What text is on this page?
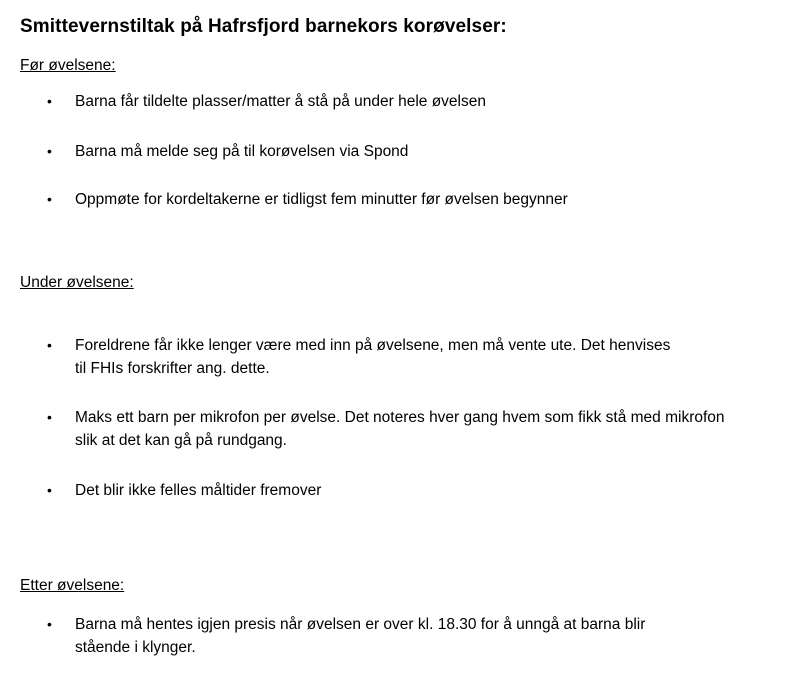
Smittevernstiltak på Hafrsfjord barnekors korøvelser:
Før øvelsene:
•	Barna får tildelte plasser/matter å stå på under hele øvelsen
•	Barna må melde seg på til korøvelsen via Spond
•	Oppmøte for kordeltakerne er tidligst fem minutter før øvelsen begynner
Under øvelsene:
•	Foreldrene får ikke lenger være med inn på øvelsene, men må vente ute. Det henvises til FHIs forskrifter ang. dette.
•	Maks ett barn per mikrofon per øvelse. Det noteres hver gang hvem som fikk stå med mikrofon slik at det kan gå på rundgang.
•	Det blir ikke felles måltider fremover
Etter øvelsene:
•	Barna må hentes igjen presis når øvelsen er over kl. 18.30 for å unngå at barna blir stående i klynger.
